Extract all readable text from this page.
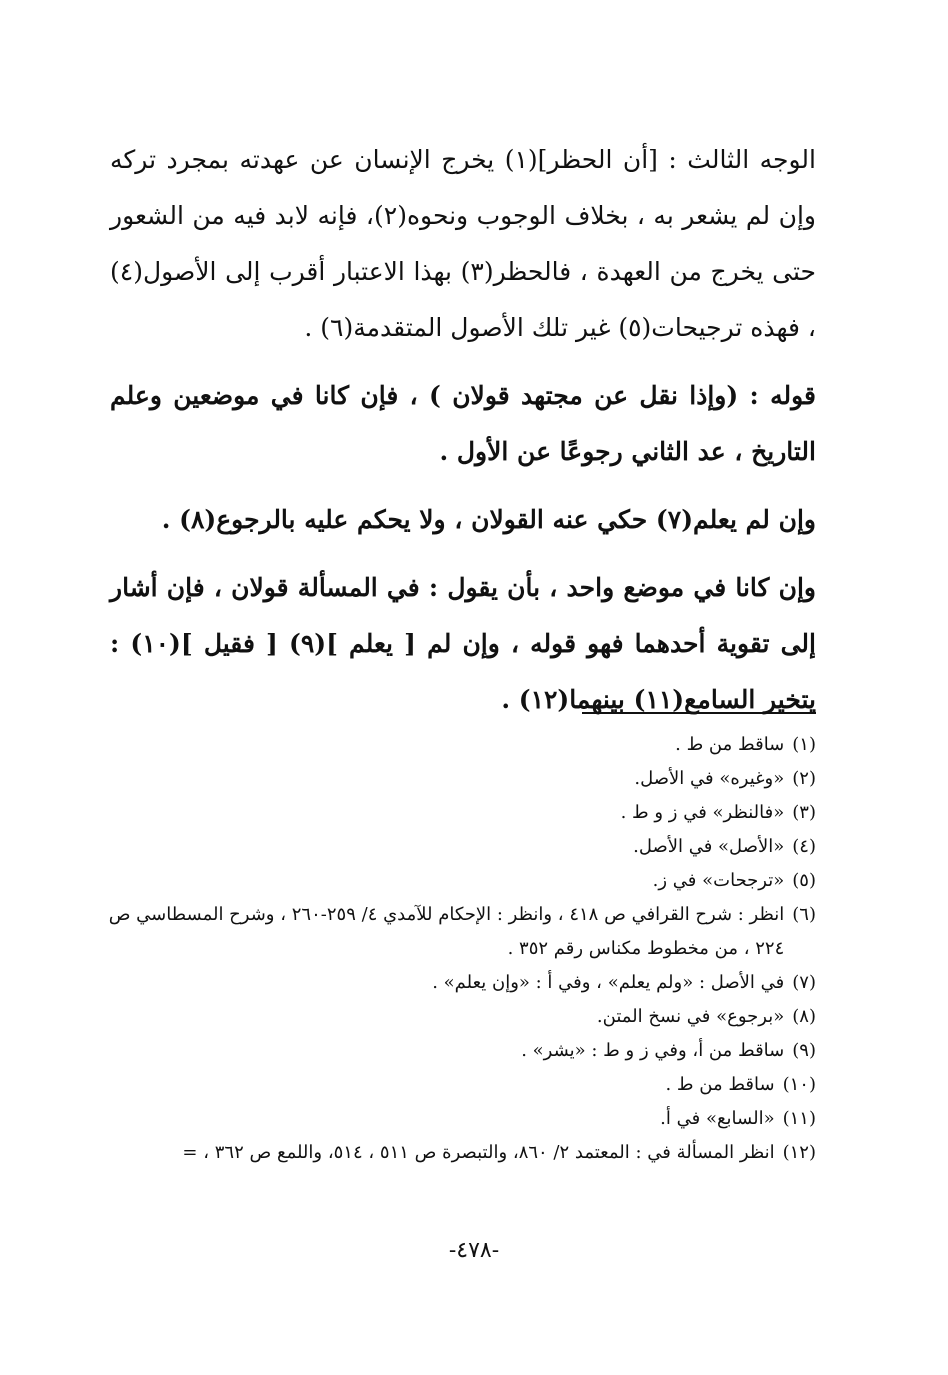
الوجه الثالث : [أن الحظر](١) يخرج الإنسان عن عهدته بمجرد تركه وإن لم يشعر به ، بخلاف الوجوب ونحوه(٢)، فإنه لابد فيه من الشعور حتى يخرج من العهدة ، فالحظر(٣) بهذا الاعتبار أقرب إلى الأصول(٤) ، فهذه ترجيحات(٥) غير تلك الأصول المتقدمة(٦) .

قوله : (وإذا نقل عن مجتهد قولان ) ، فإن كانا في موضعين وعلم التاريخ ، عد الثاني رجوعًا عن الأول .

وإن لم يعلم(٧) حكي عنه القولان ، ولا يحكم عليه بالرجوع(٨) .

وإن كانا في موضع واحد ، بأن يقول : في المسألة قولان ، فإن أشار إلى تقوية أحدهما فهو قوله ، وإن لم [ يعلم ](٩) [ فقيل ](١٠) : يتخير السامع(١١) بينهما(١٢) .

(١)
ساقط من ط .
(٢)
«وغيره» في الأصل.
(٣)
«فالنظر» في ز و ط .
(٤)
«الأصل» في الأصل.
(٥)
«ترجحات» في ز.
(٦)
انظر : شرح القرافي ص ٤١٨ ، وانظر : الإحكام للآمدي ٤/ ٢٥٩-٢٦٠ ، وشرح المسطاسي ص ٢٢٤ ، من مخطوط مكناس رقم ٣٥٢ .
(٧)
في الأصل : «ولم يعلم» ، وفي أ : «وإن يعلم» .
(٨)
«برجوع» في نسخ المتن.
(٩)
ساقط من أ، وفي ز و ط : «يشر» .
(١٠)
ساقط من ط .
(١١)
«السابع» في أ.
(١٢)
انظر المسألة في : المعتمد ٢/ ٨٦٠، والتبصرة ص ٥١١ ، ٥١٤، واللمع ص ٣٦٢ ، =
-٤٧٨-
